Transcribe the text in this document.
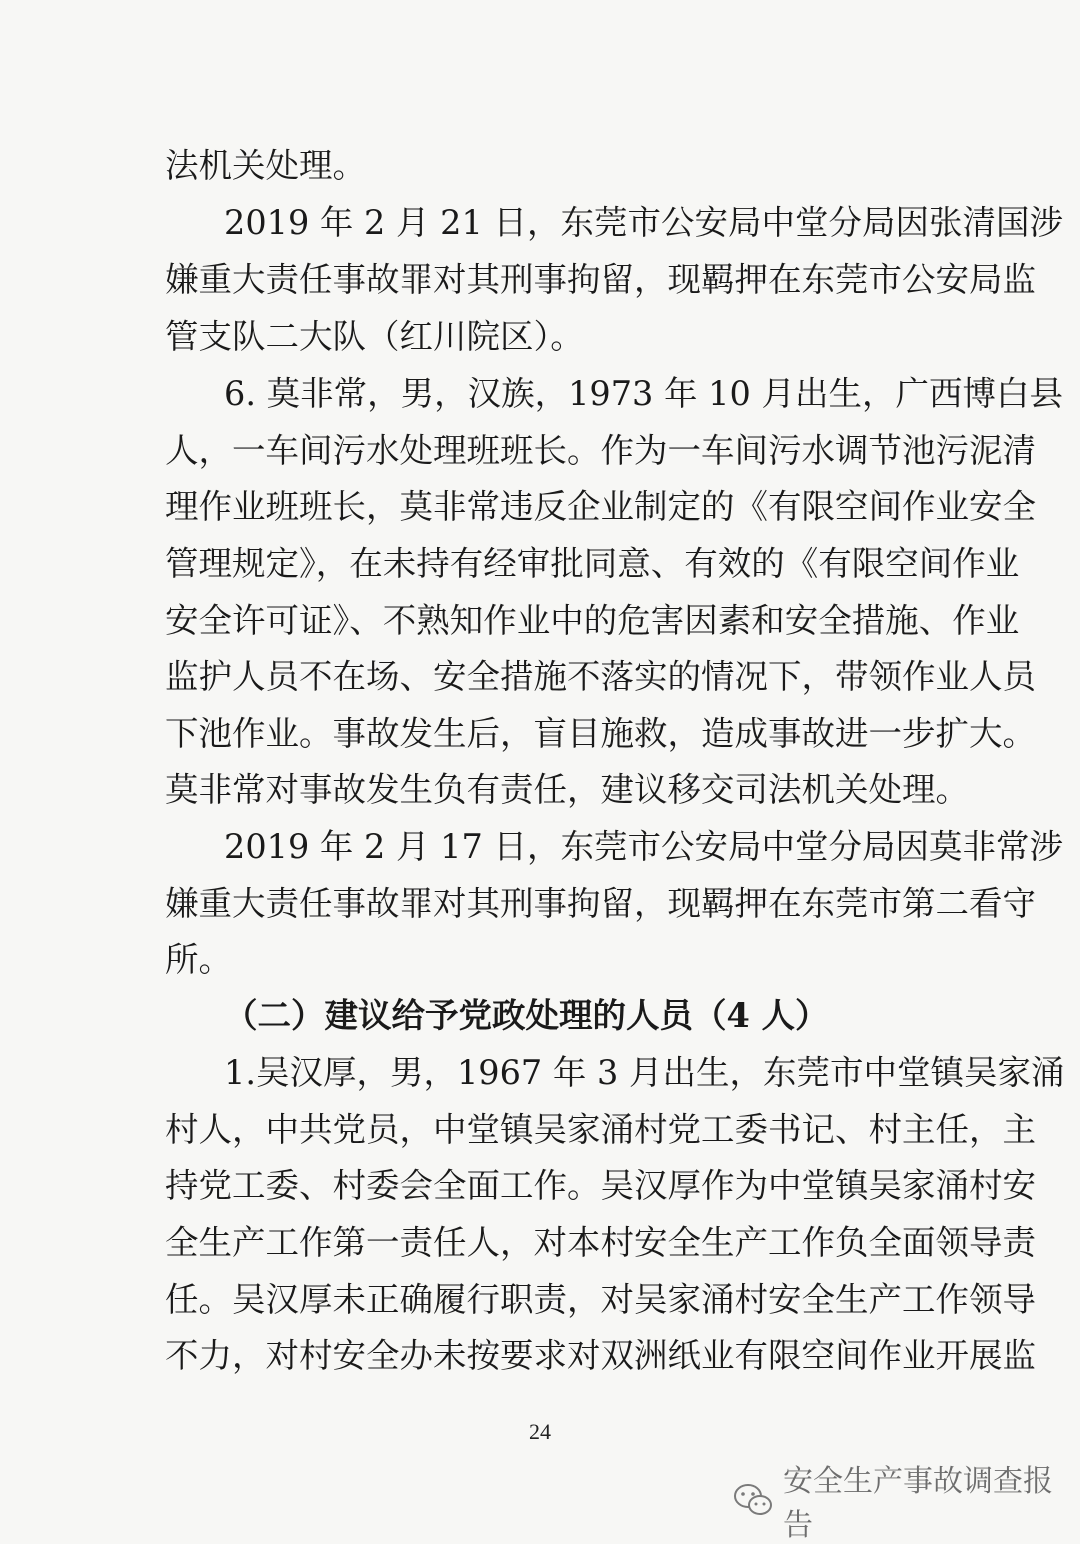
法机关处理。
2019 年 2 月 21 日，东莞市公安局中堂分局因张清国涉
嫌重大责任事故罪对其刑事拘留，现羁押在东莞市公安局监
管支队二大队（红川院区）。
6. 莫非常，男，汉族，1973 年 10 月出生，广西博白县
人，一车间污水处理班班长。作为一车间污水调节池污泥清
理作业班班长，莫非常违反企业制定的《有限空间作业安全
管理规定》，在未持有经审批同意、有效的《有限空间作业
安全许可证》、不熟知作业中的危害因素和安全措施、作业
监护人员不在场、安全措施不落实的情况下，带领作业人员
下池作业。事故发生后，盲目施救，造成事故进一步扩大。
莫非常对事故发生负有责任，建议移交司法机关处理。
2019 年 2 月 17 日，东莞市公安局中堂分局因莫非常涉
嫌重大责任事故罪对其刑事拘留，现羁押在东莞市第二看守
所。
（二）建议给予党政处理的人员（4 人）
1.吴汉厚，男，1967 年 3 月出生，东莞市中堂镇吴家涌
村人，中共党员，中堂镇吴家涌村党工委书记、村主任，主
持党工委、村委会全面工作。吴汉厚作为中堂镇吴家涌村安
全生产工作第一责任人，对本村安全生产工作负全面领导责
任。吴汉厚未正确履行职责，对吴家涌村安全生产工作领导
不力，对村安全办未按要求对双洲纸业有限空间作业开展监
24
安全生产事故调查报告
